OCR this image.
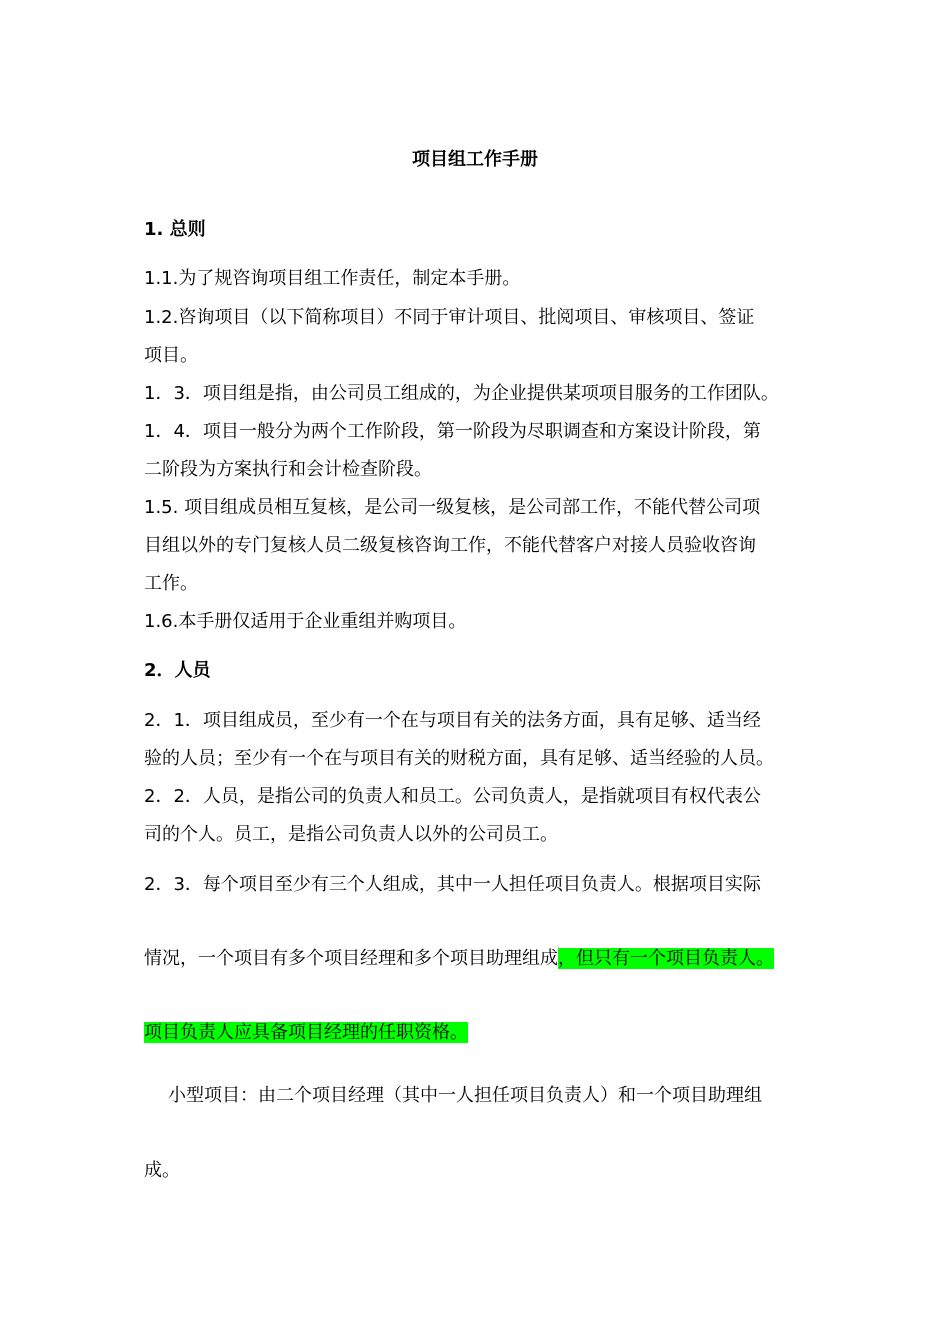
项目组工作手册
1. 总则
1.1.为了规咨询项目组工作责任，制定本手册。
1.2.咨询项目（以下简称项目）不同于审计项目、批阅项目、审核项目、签证
项目。
1．3．项目组是指，由公司员工组成的，为企业提供某项项目服务的工作团队。
1．4．项目一般分为两个工作阶段，第一阶段为尽职调查和方案设计阶段，第
二阶段为方案执行和会计检查阶段。
1.5. 项目组成员相互复核，是公司一级复核，是公司部工作，不能代替公司项
目组以外的专门复核人员二级复核咨询工作，不能代替客户对接人员验收咨询
工作。
1.6.本手册仅适用于企业重组并购项目。
2．人员
2．1．项目组成员，至少有一个在与项目有关的法务方面，具有足够、适当经
验的人员；至少有一个在与项目有关的财税方面，具有足够、适当经验的人员。
2．2．人员，是指公司的负责人和员工。公司负责人，是指就项目有权代表公
司的个人。员工，是指公司负责人以外的公司员工。
2．3．每个项目至少有三个人组成，其中一人担任项目负责人。根据项目实际
情况，一个项目有多个项目经理和多个项目助理组成，但只有一个项目负责人。
项目负责人应具备项目经理的任职资格。
小型项目：由二个项目经理（其中一人担任项目负责人）和一个项目助理组
成。
